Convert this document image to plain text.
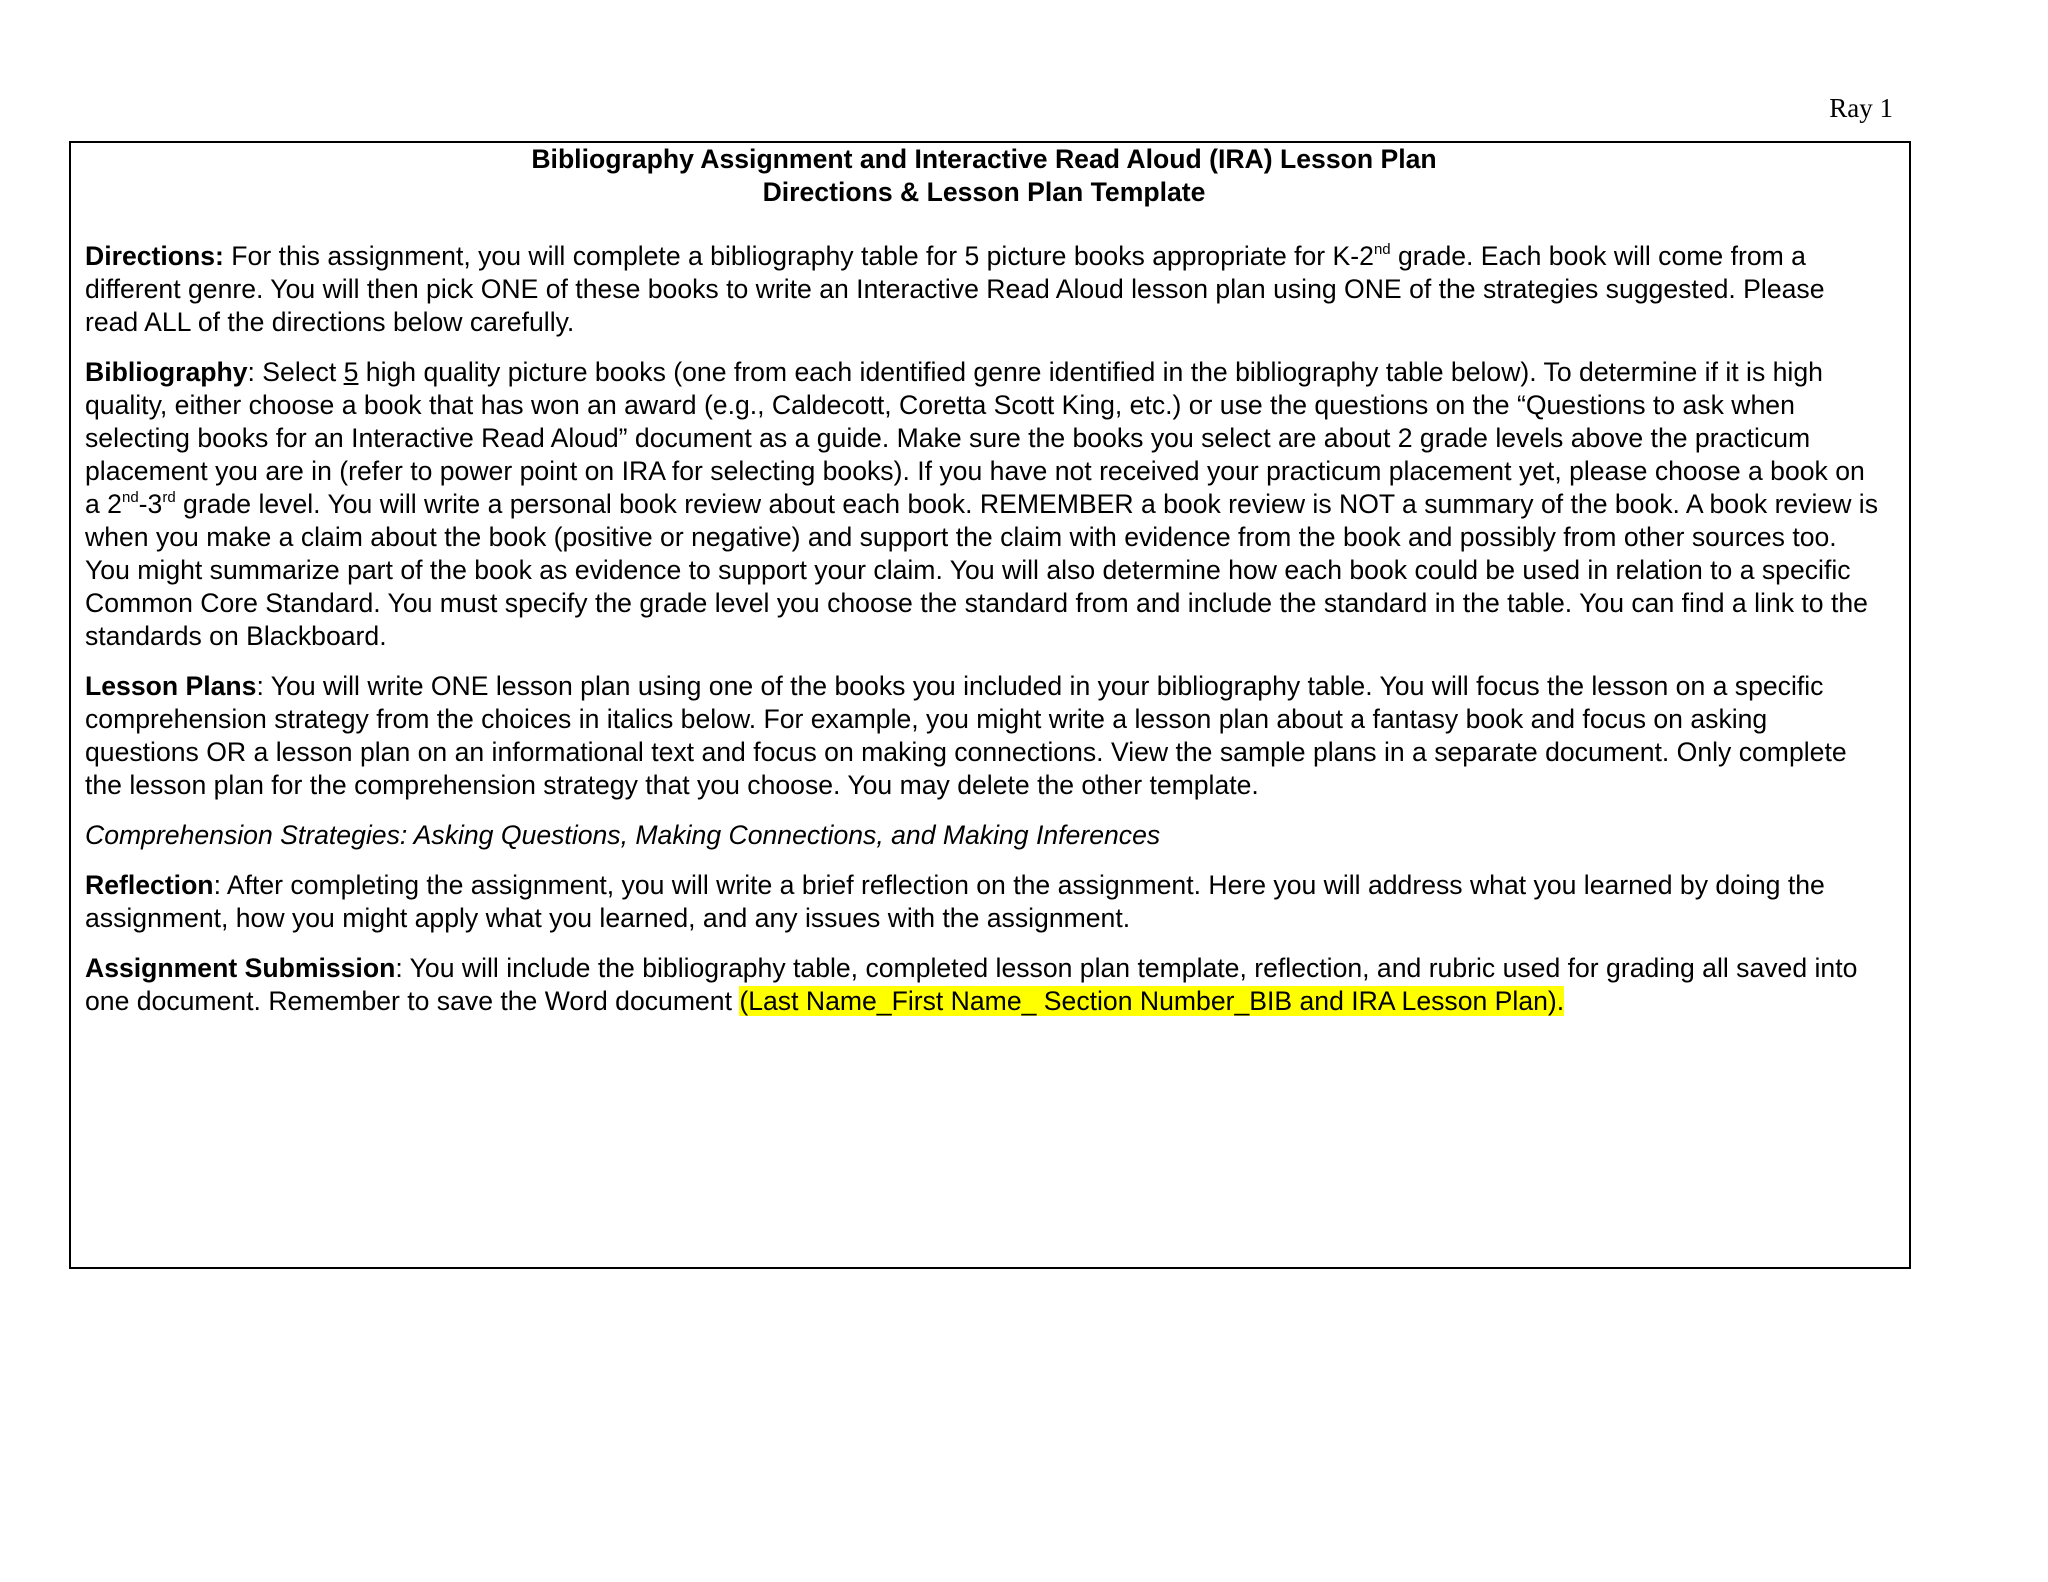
Ray 1
Bibliography Assignment and Interactive Read Aloud (IRA) Lesson Plan
Directions & Lesson Plan Template

Directions: For this assignment, you will complete a bibliography table for 5 picture books appropriate for K-2nd grade. Each book will come from a different genre. You will then pick ONE of these books to write an Interactive Read Aloud lesson plan using ONE of the strategies suggested. Please read ALL of the directions below carefully.

Bibliography: Select 5 high quality picture books (one from each identified genre identified in the bibliography table below). To determine if it is high quality, either choose a book that has won an award (e.g., Caldecott, Coretta Scott King, etc.) or use the questions on the “Questions to ask when selecting books for an Interactive Read Aloud” document as a guide. Make sure the books you select are about 2 grade levels above the practicum placement you are in (refer to power point on IRA for selecting books). If you have not received your practicum placement yet, please choose a book on a 2nd-3rd grade level. You will write a personal book review about each book. REMEMBER a book review is NOT a summary of the book. A book review is when you make a claim about the book (positive or negative) and support the claim with evidence from the book and possibly from other sources too. You might summarize part of the book as evidence to support your claim. You will also determine how each book could be used in relation to a specific Common Core Standard. You must specify the grade level you choose the standard from and include the standard in the table. You can find a link to the standards on Blackboard.

Lesson Plans: You will write ONE lesson plan using one of the books you included in your bibliography table. You will focus the lesson on a specific comprehension strategy from the choices in italics below. For example, you might write a lesson plan about a fantasy book and focus on asking questions OR a lesson plan on an informational text and focus on making connections. View the sample plans in a separate document. Only complete the lesson plan for the comprehension strategy that you choose. You may delete the other template.

Comprehension Strategies: Asking Questions, Making Connections, and Making Inferences

Reflection: After completing the assignment, you will write a brief reflection on the assignment. Here you will address what you learned by doing the assignment, how you might apply what you learned, and any issues with the assignment.

Assignment Submission: You will include the bibliography table, completed lesson plan template, reflection, and rubric used for grading all saved into one document. Remember to save the Word document (Last Name_First Name_ Section Number_BIB and IRA Lesson Plan).
